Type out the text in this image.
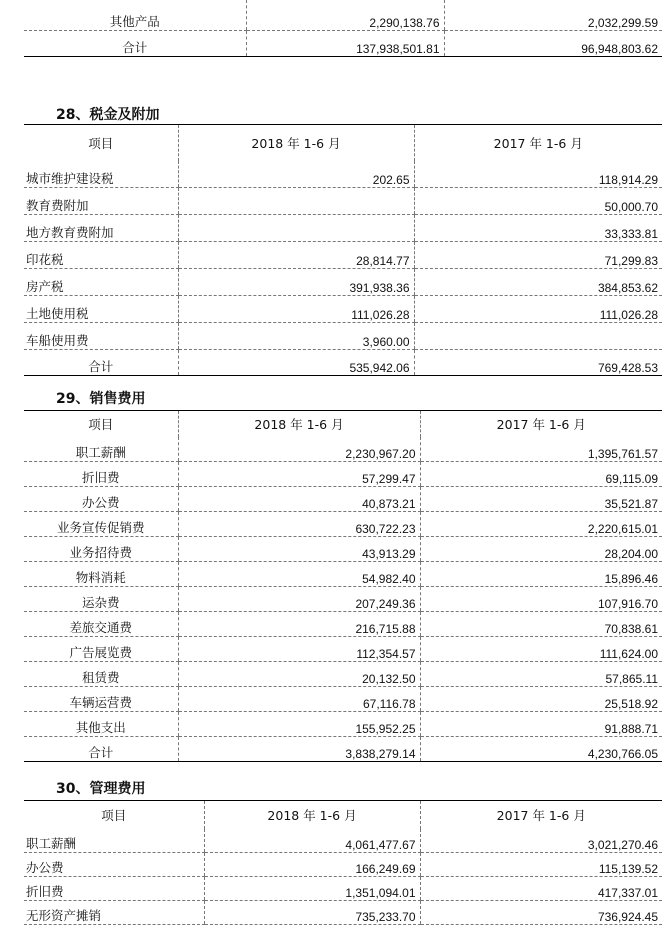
其他产品	2,290,138.76	2,032,299.59
合计	137,938,501.81	96,948,803.62
28、税金及附加
项目	2018 年 1-6 月	2017 年 1-6 月
城市维护建设税	202.65	118,914.29
教育费附加		50,000.70
地方教育费附加		33,333.81
印花税	28,814.77	71,299.83
房产税	391,938.36	384,853.62
土地使用税	111,026.28	111,026.28
车船使用费	3,960.00	
合计	535,942.06	769,428.53
29、销售费用
项目	2018 年 1-6 月	2017 年 1-6 月
职工薪酬	2,230,967.20	1,395,761.57
折旧费	57,299.47	69,115.09
办公费	40,873.21	35,521.87
业务宣传促销费	630,722.23	2,220,615.01
业务招待费	43,913.29	28,204.00
物料消耗	54,982.40	15,896.46
运杂费	207,249.36	107,916.70
差旅交通费	216,715.88	70,838.61
广告展览费	112,354.57	111,624.00
租赁费	20,132.50	57,865.11
车辆运营费	67,116.78	25,518.92
其他支出	155,952.25	91,888.71
合计	3,838,279.14	4,230,766.05
30、管理费用
项目	2018 年 1-6 月	2017 年 1-6 月
职工薪酬	4,061,477.67	3,021,270.46
办公费	166,249.69	115,139.52
折旧费	1,351,094.01	417,337.01
无形资产摊销	735,233.70	736,924.45
